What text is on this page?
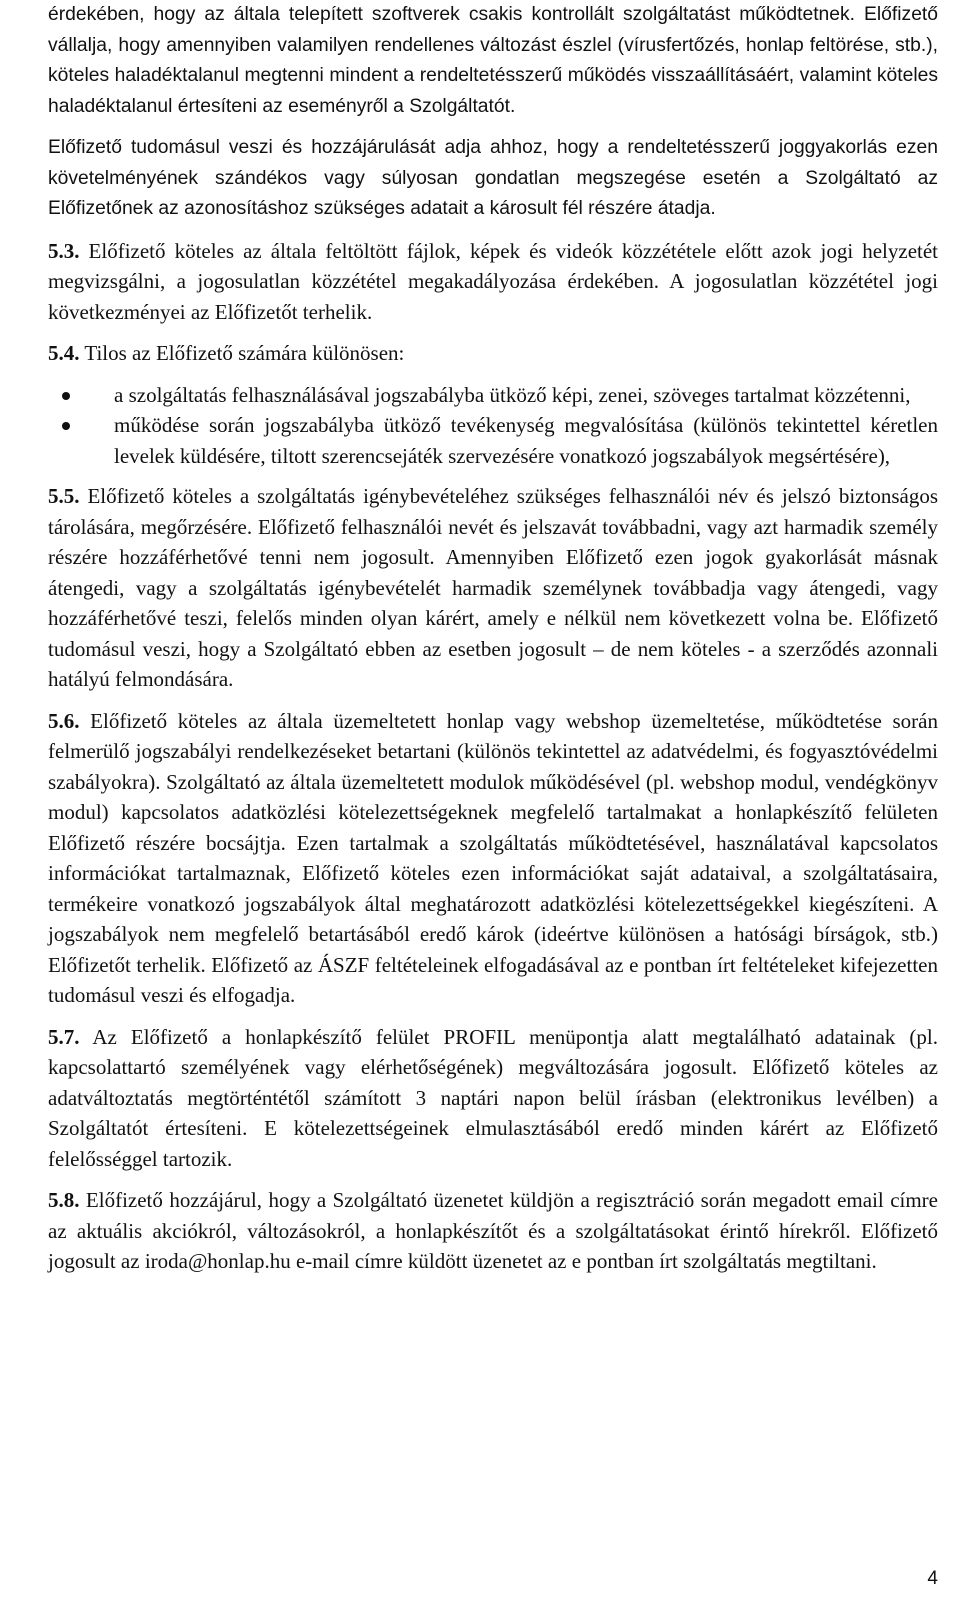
érdekében, hogy az általa telepített szoftverek csakis kontrollált szolgáltatást működtetnek. Előfizető vállalja, hogy amennyiben valamilyen rendellenes változást észlel (vírusfertőzés, honlap feltörése, stb.), köteles haladéktalanul megtenni mindent a rendeltetésszerű működés visszaállításáért, valamint köteles haladéktalanul értesíteni az eseményről a Szolgáltatót.

Előfizető tudomásul veszi és hozzájárulását adja ahhoz, hogy a rendeltetésszerű joggyakorlás ezen követelményének szándékos vagy súlyosan gondatlan megszegése esetén a Szolgáltató az Előfizetőnek az azonosításhoz szükséges adatait a károsult fél részére átadja.

5.3. Előfizető köteles az általa feltöltött fájlok, képek és videók közzététele előtt azok jogi helyzetét megvizsgálni, a jogosulatlan közzététel megakadályozása érdekében. A jogosulatlan közzététel jogi következményei az Előfizetőt terhelik.

5.4. Tilos az Előfizető számára különösen:

a szolgáltatás felhasználásával jogszabályba ütköző képi, zenei, szöveges tartalmat közzétenni,
működése során jogszabályba ütköző tevékenység megvalósítása (különös tekintettel kéretlen levelek küldésére, tiltott szerencsejáték szervezésére vonatkozó jogszabályok megsértésére),

5.5. Előfizető köteles a szolgáltatás igénybevételéhez szükséges felhasználói név és jelszó biztonságos tárolására, megőrzésére. Előfizető felhasználói nevét és jelszavát továbbadni, vagy azt harmadik személy részére hozzáférhetővé tenni nem jogosult. Amennyiben Előfizető ezen jogok gyakorlását másnak átengedi, vagy a szolgáltatás igénybevételét harmadik személynek továbbadja vagy átengedi, vagy hozzáférhetővé teszi, felelős minden olyan kárért, amely e nélkül nem következett volna be. Előfizető tudomásul veszi, hogy a Szolgáltató ebben az esetben jogosult – de nem köteles - a szerződés azonnali hatályú felmondására.

5.6. Előfizető köteles az általa üzemeltetett honlap vagy webshop üzemeltetése, működtetése során felmerülő jogszabályi rendelkezéseket betartani (különös tekintettel az adatvédelmi, és fogyasztóvédelmi szabályokra). Szolgáltató az általa üzemeltetett modulok működésével (pl. webshop modul, vendégkönyv modul) kapcsolatos adatközlési kötelezettségeknek megfelelő tartalmakat a honlapkészítő felületen Előfizető részére bocsájtja. Ezen tartalmak a szolgáltatás működtetésével, használatával kapcsolatos információkat tartalmaznak, Előfizető köteles ezen információkat saját adataival, a szolgáltatásaira, termékeire vonatkozó jogszabályok által meghatározott adatközlési kötelezettségekkel kiegészíteni. A jogszabályok nem megfelelő betartásából eredő károk (ideértve különösen a hatósági bírságok, stb.) Előfizetőt terhelik. Előfizető az ÁSZF feltételeinek elfogadásával az e pontban írt feltételeket kifejezetten tudomásul veszi és elfogadja.

5.7. Az Előfizető a honlapkészítő felület PROFIL menüpontja alatt megtalálható adatainak (pl. kapcsolattartó személyének vagy elérhetőségének) megváltozására jogosult. Előfizető köteles az adatváltoztatás megtörténtétől számított 3 naptári napon belül írásban (elektronikus levélben) a Szolgáltatót értesíteni. E kötelezettségeinek elmulasztásából eredő minden kárért az Előfizető felelősséggel tartozik.

5.8. Előfizető hozzájárul, hogy a Szolgáltató üzenetet küldjön a regisztráció során megadott email címre az aktuális akciókról, változásokról, a honlapkészítőt és a szolgáltatásokat érintő hírekről. Előfizető jogosult az iroda@honlap.hu e-mail címre küldött üzenetet az e pontban írt szolgáltatás megtiltani.

4
